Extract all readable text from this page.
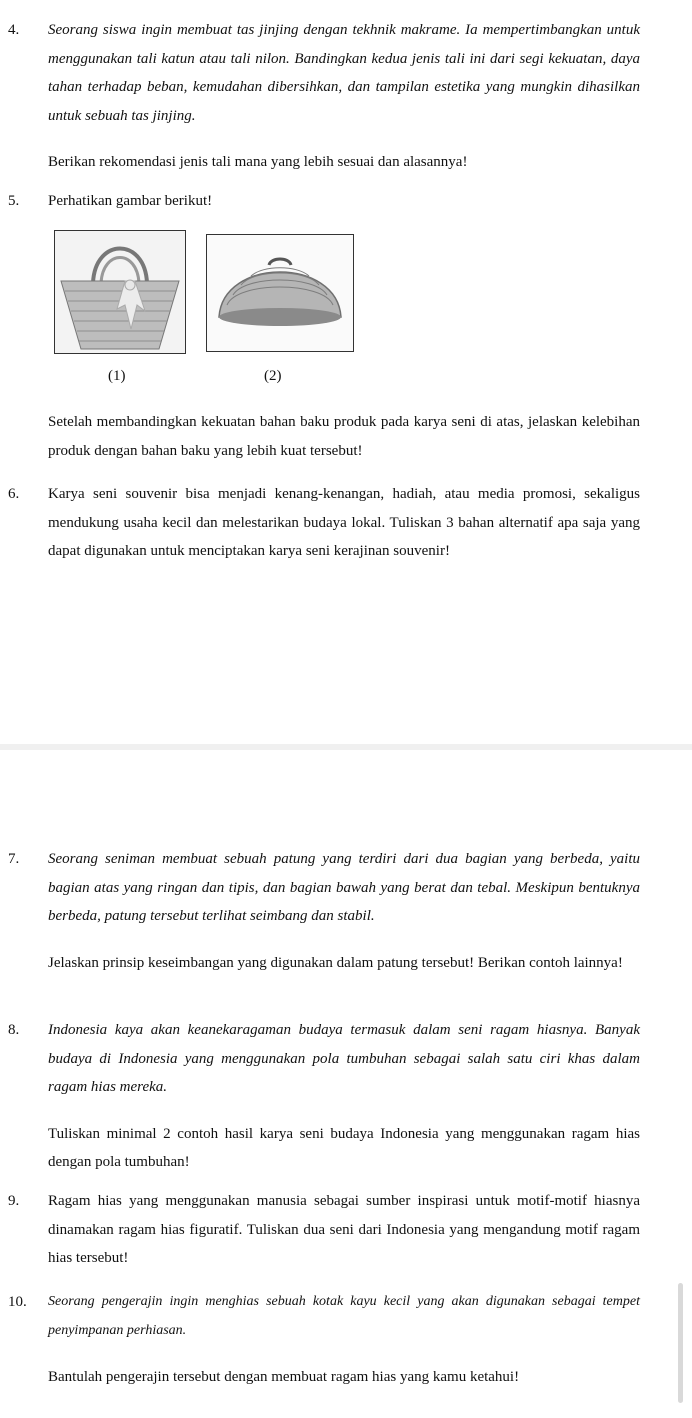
4.	Seorang siswa ingin membuat tas jinjing dengan tekhnik makrame. Ia mempertimbangkan untuk menggunakan tali katun atau tali nilon. Bandingkan kedua jenis tali ini dari segi kekuatan, daya tahan terhadap beban, kemudahan dibersihkan, dan tampilan estetika yang mungkin dihasilkan untuk sebuah tas jinjing.

Berikan rekomendasi jenis tali mana yang lebih sesuai dan alasannya!

5.	Perhatikan gambar berikut!

(1)	(2)

Setelah membandingkan kekuatan bahan baku produk pada karya seni di atas, jelaskan kelebihan produk dengan bahan baku yang lebih kuat tersebut!

6.	Karya seni souvenir bisa menjadi kenang-kenangan, hadiah, atau media promosi, sekaligus mendukung usaha kecil dan melestarikan budaya lokal. Tuliskan 3 bahan alternatif apa saja yang dapat digunakan untuk menciptakan karya seni kerajinan souvenir!

7.	Seorang seniman membuat sebuah patung yang terdiri dari dua bagian yang berbeda, yaitu bagian atas yang ringan dan tipis, dan bagian bawah yang berat dan tebal. Meskipun bentuknya berbeda, patung tersebut terlihat seimbang dan stabil.

Jelaskan prinsip keseimbangan yang digunakan dalam patung tersebut! Berikan contoh lainnya!

8.	Indonesia kaya akan keanekaragaman budaya termasuk dalam seni ragam hiasnya. Banyak budaya di Indonesia yang menggunakan pola tumbuhan sebagai salah satu ciri khas dalam ragam hias mereka.

Tuliskan minimal 2 contoh hasil karya seni budaya Indonesia yang menggunakan ragam hias dengan pola tumbuhan!

9.	Ragam hias yang menggunakan manusia sebagai sumber inspirasi untuk motif-motif hiasnya dinamakan ragam hias figuratif. Tuliskan dua seni dari Indonesia yang mengandung motif ragam hias tersebut!

10.	Seorang pengerajin ingin menghias sebuah kotak kayu kecil yang akan digunakan sebagai tempet penyimpanan perhiasan.

Bantulah pengerajin tersebut dengan membuat ragam hias yang kamu ketahui!
